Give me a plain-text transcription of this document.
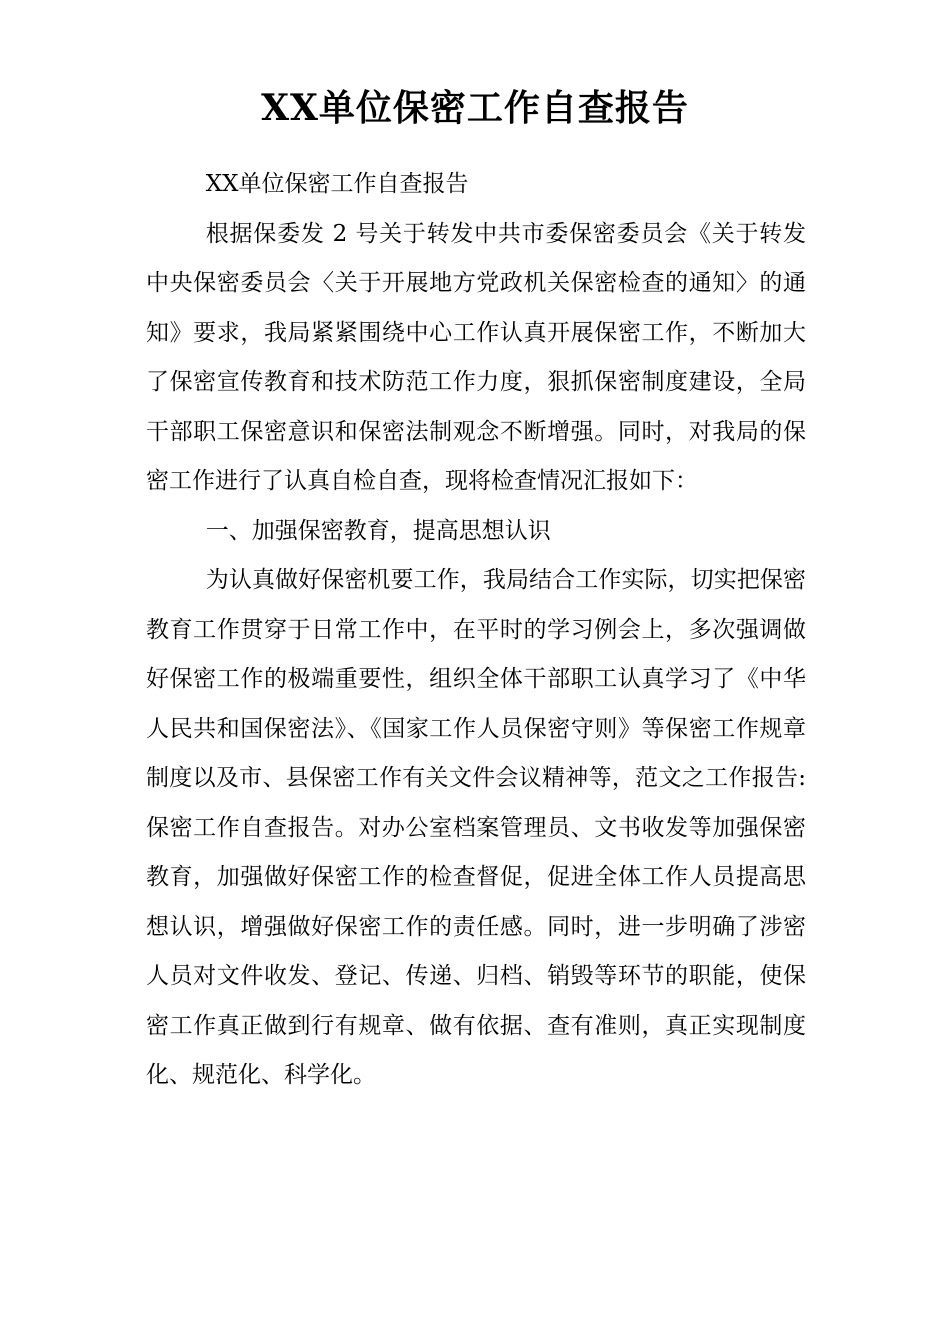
XX单位保密工作自查报告

XX单位保密工作自查报告

根据保委发 2 号关于转发中共市委保密委员会《关于转发中央保密委员会〈关于开展地方党政机关保密检查的通知〉的通知》要求，我局紧紧围绕中心工作认真开展保密工作，不断加大了保密宣传教育和技术防范工作力度，狠抓保密制度建设，全局干部职工保密意识和保密法制观念不断增强。同时，对我局的保密工作进行了认真自检自查，现将检查情况汇报如下：

一、加强保密教育，提高思想认识

为认真做好保密机要工作，我局结合工作实际，切实把保密教育工作贯穿于日常工作中，在平时的学习例会上，多次强调做好保密工作的极端重要性，组织全体干部职工认真学习了《中华人民共和国保密法》、《国家工作人员保密守则》等保密工作规章制度以及市、县保密工作有关文件会议精神等，范文之工作报告:保密工作自查报告。对办公室档案管理员、文书收发等加强保密教育，加强做好保密工作的检查督促，促进全体工作人员提高思想认识，增强做好保密工作的责任感。同时，进一步明确了涉密人员对文件收发、登记、传递、归档、销毁等环节的职能，使保密工作真正做到行有规章、做有依据、查有准则，真正实现制度化、规范化、科学化。
